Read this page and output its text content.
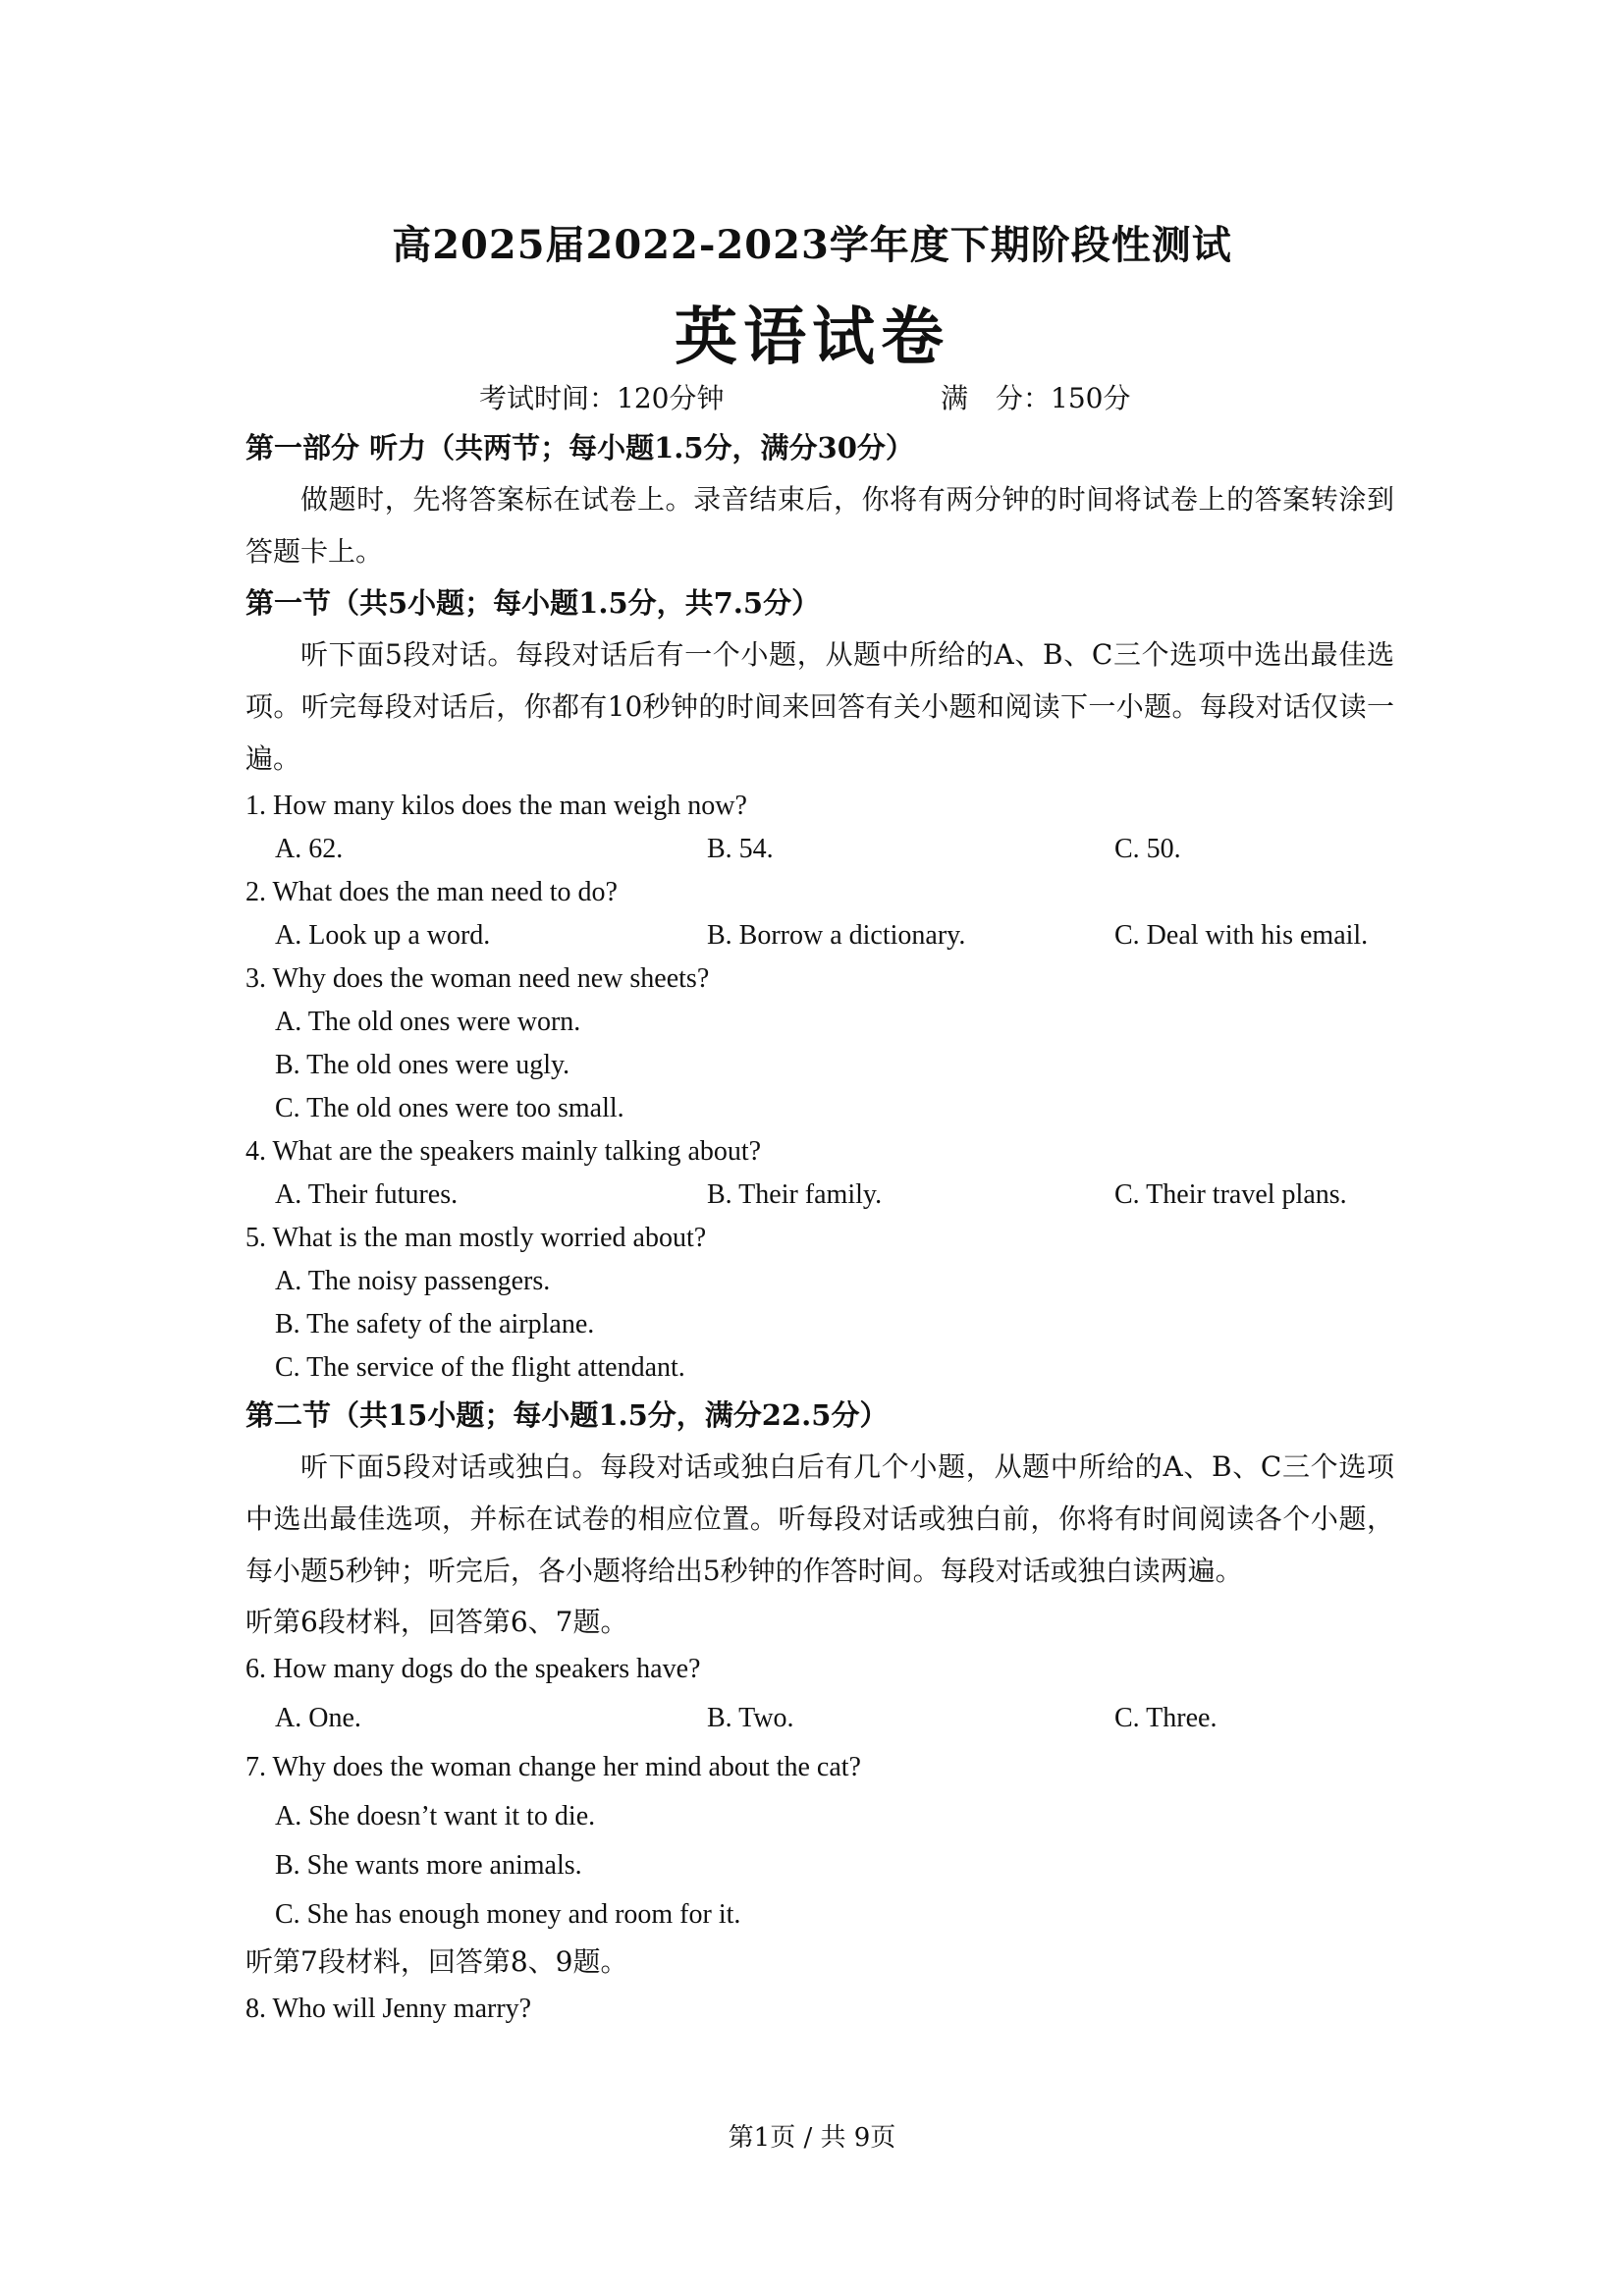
高2025届2022-2023学年度下期阶段性测试
英语试卷
考试时间：120分钟	满　分：150分
第一部分 听力（共两节；每小题1.5分，满分30分）

做题时，先将答案标在试卷上。录音结束后，你将有两分钟的时间将试卷上的答案转涂到答题卡上。

第一节（共5小题；每小题1.5分，共7.5分）

听下面5段对话。每段对话后有一个小题，从题中所给的A、B、C三个选项中选出最佳选项。听完每段对话后，你都有10秒钟的时间来回答有关小题和阅读下一小题。每段对话仅读一遍。

1. How many kilos does the man weigh now?

A. 62.	B. 54.	C. 50.

2. What does the man need to do?

A. Look up a word.	B. Borrow a dictionary.	C. Deal with his email.

3. Why does the woman need new sheets?

A. The old ones were worn.

B. The old ones were ugly.

C. The old ones were too small.

4. What are the speakers mainly talking about?

A. Their futures.	B. Their family.	C. Their travel plans.

5. What is the man mostly worried about?

A. The noisy passengers.

B. The safety of the airplane.

C. The service of the flight attendant.

第二节（共15小题；每小题1.5分，满分22.5分）

听下面5段对话或独白。每段对话或独白后有几个小题，从题中所给的A、B、C三个选项中选出最佳选项，并标在试卷的相应位置。听每段对话或独白前，你将有时间阅读各个小题，每小题5秒钟；听完后，各小题将给出5秒钟的作答时间。每段对话或独白读两遍。

听第6段材料，回答第6、7题。

6. How many dogs do the speakers have?

A. One.	B. Two.	C. Three.

7. Why does the woman change her mind about the cat?

A. She doesn’t want it to die.

B. She wants more animals.

C. She has enough money and room for it.

听第7段材料，回答第8、9题。

8. Who will Jenny marry?

第1页 / 共 9页
